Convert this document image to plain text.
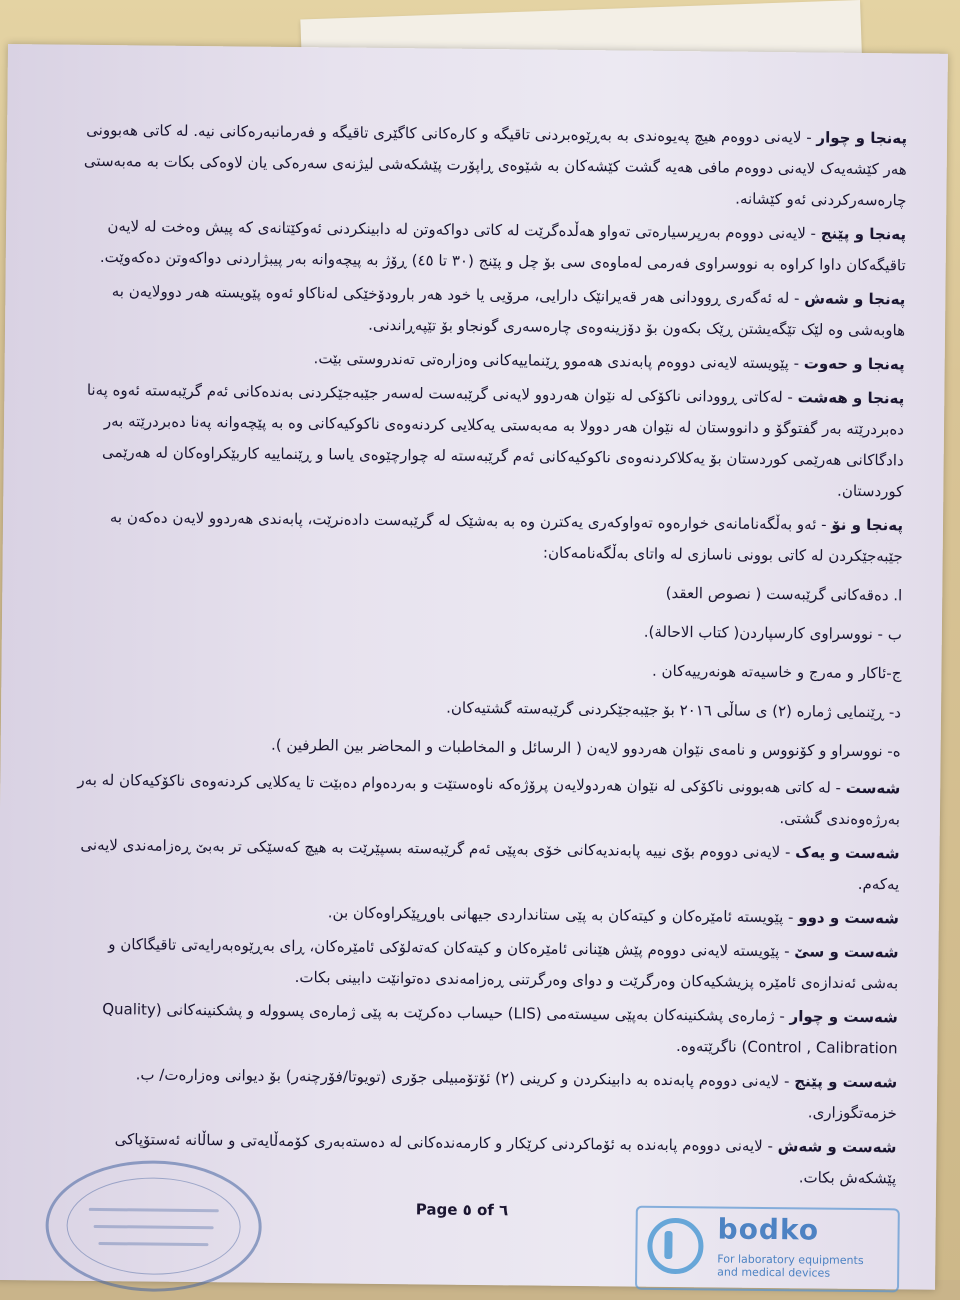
پەنجا و چوار - لایەنی دووەم هیچ پەیوەندی بە بەڕێوەبردنی تاقیگە و کارەکانی کاگێری تاقیگە و فەرمانبەرەکانی نیە. لە کاتی هەبوونی هەر کێشەیەک لایەنی دووەم مافی هەیە گشت کێشەکان بە شێوەی ڕاپۆرت پێشکەشی لیژنەی سەرەکی یان لاوەکی بکات بە مەبەستی چارەسەرکردنی ئەو کێشانە.

پەنجا و پێنج - لایەنی دووەم بەرپرسیارەتی تەواو هەڵدەگرێت لە کاتی دواکەوتن لە دابینکردنی ئەوکێتانەی کە پیش وەخت لە لایەن تاقیگەکان داوا کراوە بە نووسراوی فەرمی لەماوەی سی بۆ چل و پێنج (٣٠ تا ٤٥) ڕۆژ بە پیچەوانە بەر پیبژاردنی دواکەوتن دەکەوێت.

پەنجا و شەش - لە ئەگەری ڕوودانی هەر قەیرانێک دارایی، مرۆیی یا خود هەر بارودۆخێکی لەناکاو ئەوە پێویستە هەر دوولایەن بە هاوبەشی وە لێک تێگەیشتن ڕێک بکەون بۆ دۆزینەوەی چارەسەری گونجاو بۆ تێپەڕاندنی.

پەنجا و حەوت - پێویستە لایەنی دووەم پابەندی هەموو ڕێنماییەکانی وەزارەتی تەندروستی بێت.

پەنجا و هەشت - لەکاتی ڕوودانی ناکۆکی لە نێوان هەردوو لایەنی گرێبەست لەسەر جێبەجێکردنی بەندەکانی ئەم گرێبەستە ئەوە پەنا دەبردرێتە بەر گفتوگۆ و دانووستان لە نێوان هەر دوولا بە مەبەستی یەکلایی کردنەوەی ناکوکیەکانی وە بە پێچەوانە پەنا دەبردرێتە بەر دادگاکانی هەرێمی کوردستان بۆ یەکلاکردنەوەی ناکوکیەکانی ئەم گرێبەستە لە چوارچێوەی یاسا و ڕێنماییە کاربێکراوەکان لە هەرێمی کوردستان.

پەنجا و نۆ - ئەو بەڵگەنامانەی خوارەوە تەواوکەری یەکترن وە بە بەشێک لە گرێبەست دادەنرێت، پابەندی هەردوو لایەن دەکەن بە جێبەجێکردن لە کاتی بوونی ناسازی لە واتای بەڵگەنامەکان:

ا. دەقەکانی گرێبەست ( نصوص العقد)

ب - نووسراوی کارسپاردن( کتاب الاحالة).

ج-ئاکار و مەرج و خاسیەتە هونەرییەکان .

د- ڕێنمایی ژمارە (٢) ی ساڵی ٢٠١٦ بۆ جێبەجێکردنی گرێبەستە گشتیەکان.

ە- نووسراو و کۆنووس و نامەی نێوان هەردوو لایەن ( الرسائل و المخاطبات و المحاضر بين الطرفين ).

شەست - لە کاتی هەبوونی ناکۆکی لە نێوان هەردولایەن پرۆژەکە ناوەستێت و بەردەوام دەبێت تا یەکلایی کردنەوەی ناکۆکیەکان لە بەر بەرژەوەندی گشتی.

شەست و یەک - لایەنی دووەم بۆی نییە پابەندیەکانی خۆی بەپێی ئەم گرێبەستە بسپێرێت بە هیچ کەسێکی تر بەبێ ڕەزامەندی لایەنی یەکەم.

شەست و دوو - پێویستە ئامێرەکان و کیتەکان بە پێی ستانداردی جیهانی باوڕپێکراوەکان بن.

شەست و سێ - پێویستە لایەنی دووەم پێش هێنانی ئامێرەکان و کیتەکان کەتەلۆکی ئامێرەکان، ڕای بەڕێوەبەرایەتی تاقیگاکان و بەشی ئەندازەی ئامێرە پزیشکیەکان وەرگرێت و دوای وەرگرتنی ڕەزامەندی دەتوانێت دابینی بکات.

شەست و چوار - ژمارەی پشکنینەکان بەپێی سیستەمی (LIS) حیساب دەکرێت بە پێی ژمارەی پسووله و پشکنینەکانی (Quality Control , Calibration) ناگرێتەوە.

شەست و پێنج - لایەنی دووەم پابەندە بە دابینکردن و کرینی (٢) ئۆتۆمبیلی جۆری (تویوتا/فۆرچنەر) بۆ دیوانی وەزارەت/ ب. خزمەتگوزاری.

شەست و شەش - لایەنی دووەم پابەندە بە ئۆماکردنی کرێکار و کارمەندەکانی لە دەستەبەری کۆمەڵایەتی و ساڵانە ئەستۆپاکی پێشکەش بکات.

Page ٥ of ٦
bodko
For laboratory equipments and medical devices
